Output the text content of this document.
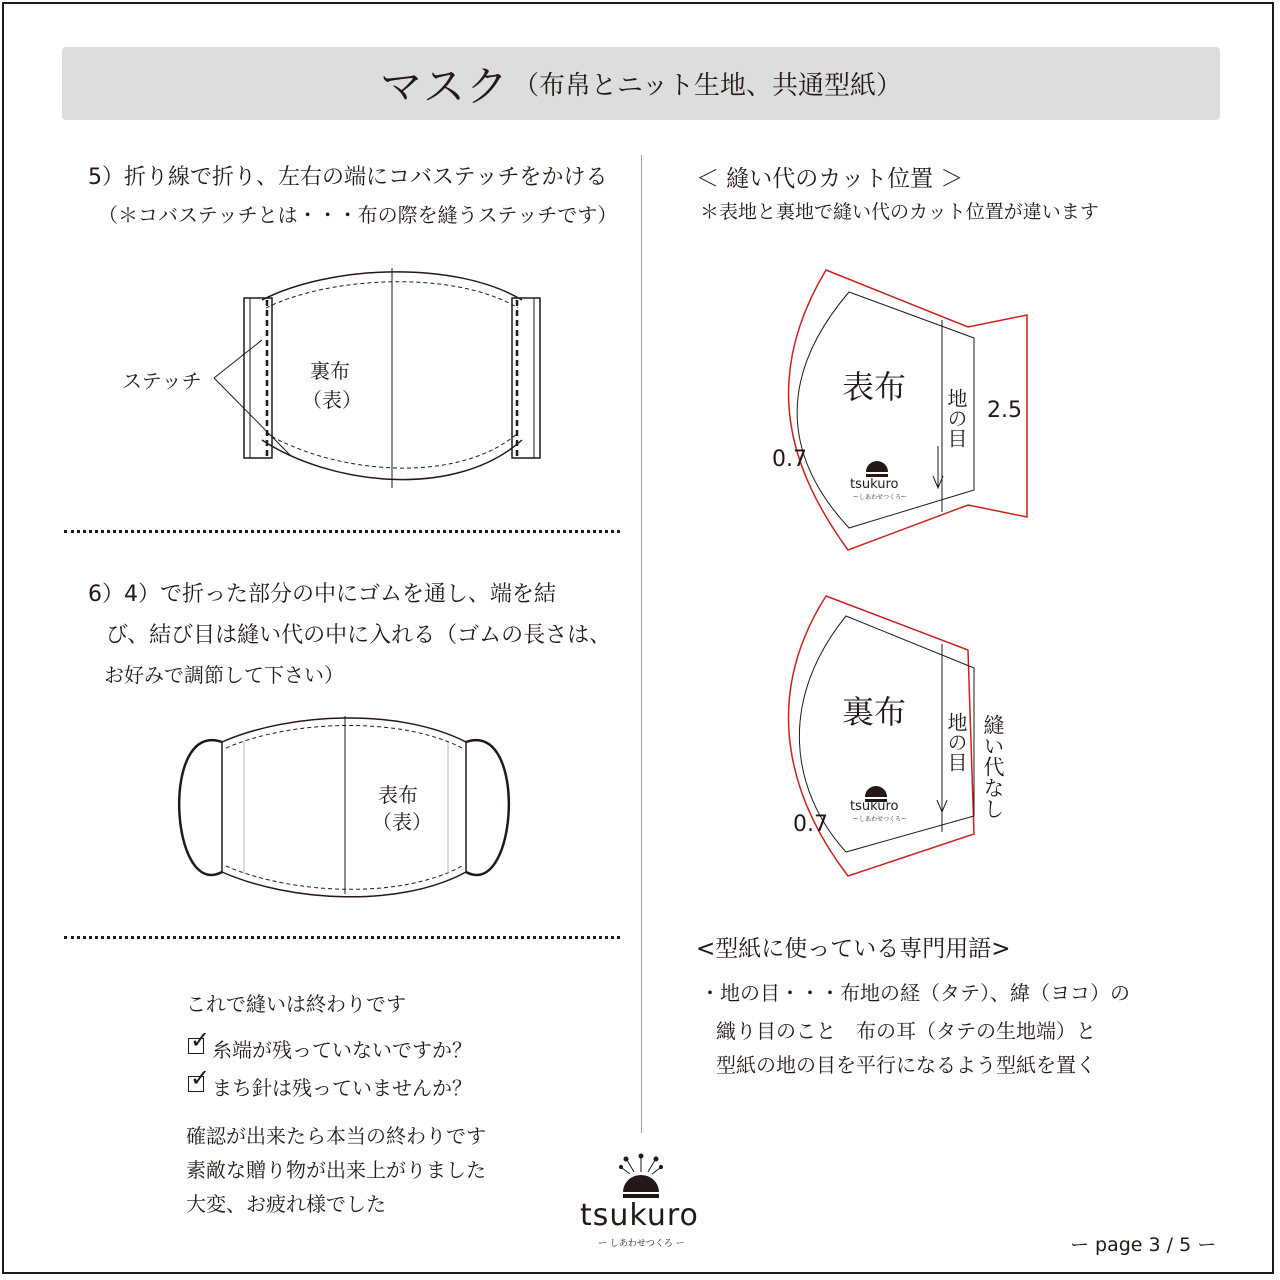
マスク （布帛とニット生地、共通型紙）
5）折り線で折り、左右の端にコバステッチをかける
（＊コバステッチとは・・・布の際を縫うステッチです）
ステッチ	裏布
（表）
6）4）で折った部分の中にゴムを通し、端を結
び、結び目は縫い代の中に入れる（ゴムの長さは、
お好みで調節して下さい）
表布
（表）
これで縫いは終わりです
✓ 糸端が残っていないですか？
✓ まち針は残っていませんか？
確認が出来たら本当の終わりです
素敵な贈り物が出来上がりました
大変、お疲れ様でした
＜ 縫い代のカット位置 ＞
＊表地と裏地で縫い代のカット位置が違います
表布
地の目 2.5
0.7
tsukuro
ーしあわせつくろー
裏布 地の目 縫い代なし
0.7
tsukuro
ーしあわせつくろー
<型紙に使っている専門用語>
・地の目・・・布地の経（タテ）、緯（ヨコ）の
織り目のこと　布の耳（タテの生地端）と
型紙の地の目を平行になるよう型紙を置く
tsukuro
ー しあわせつくろ ー	ー page 3 / 5 ー
